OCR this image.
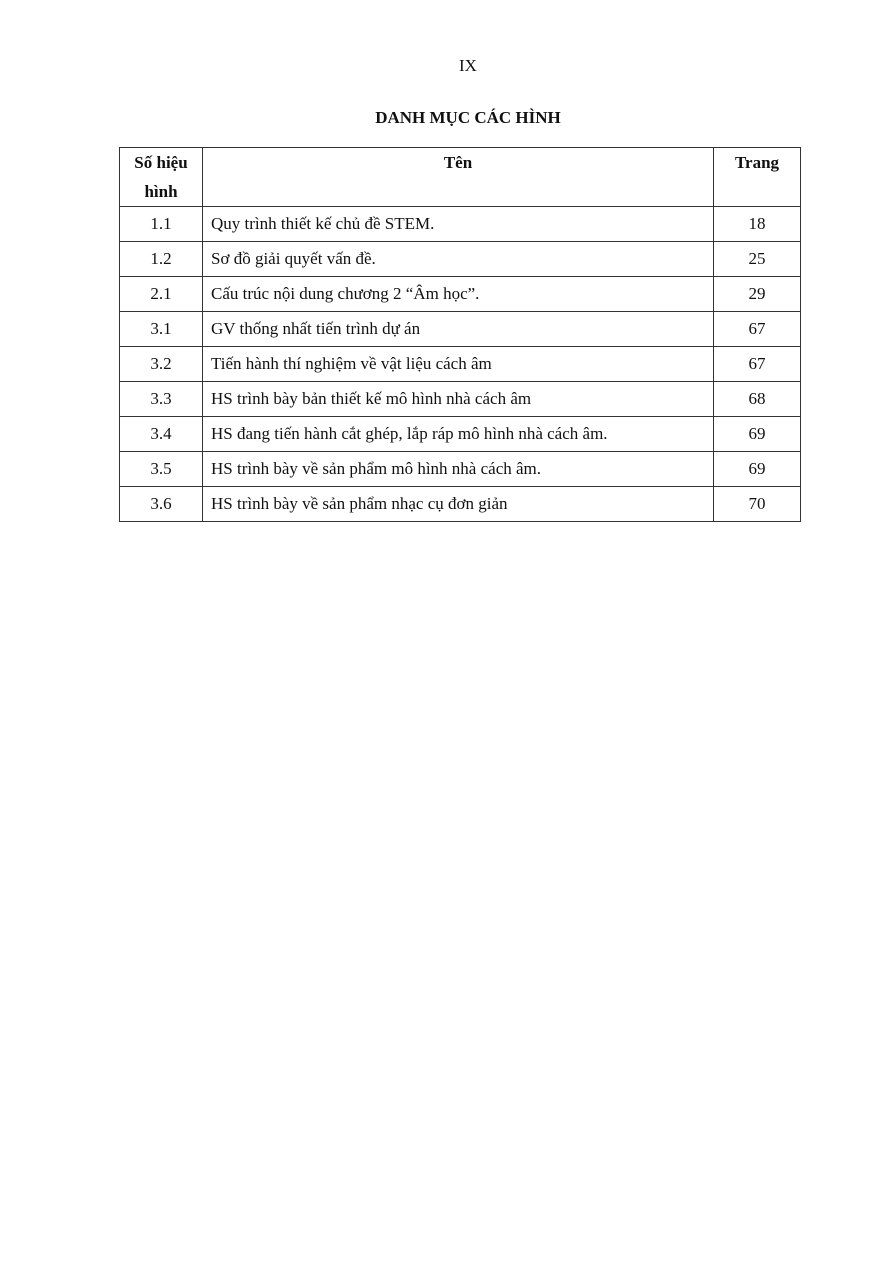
IX
DANH MỤC CÁC HÌNH
Số hiệu hình	Tên	Trang
1.1	Quy trình thiết kế chủ đề STEM.	18
1.2	Sơ đồ giải quyết vấn đề.	25
2.1	Cấu trúc nội dung chương 2 “Âm học”.	29
3.1	GV thống nhất tiến trình dự án	67
3.2	Tiến hành thí nghiệm về vật liệu cách âm	67
3.3	HS trình bày bản thiết kế mô hình nhà cách âm	68
3.4	HS đang tiến hành cắt ghép, lắp ráp mô hình nhà cách âm.	69
3.5	HS trình bày về sản phẩm mô hình nhà cách âm.	69
3.6	HS trình bày về sản phẩm nhạc cụ đơn giản	70
